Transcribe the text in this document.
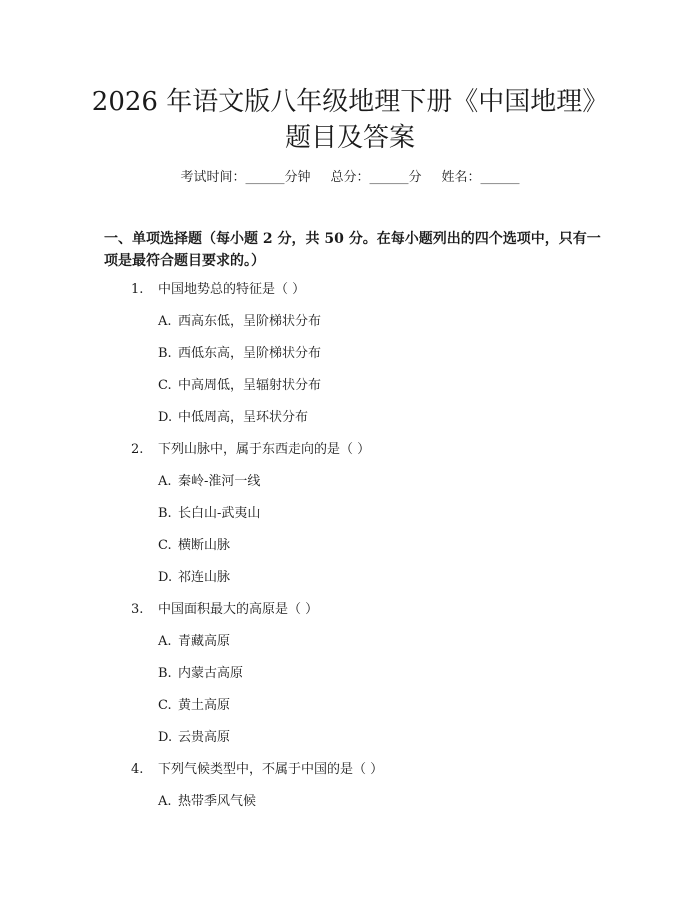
2026 年语文版八年级地理下册《中国地理》
题目及答案
考试时间：______分钟 总分：______分 姓名：______
一、单项选择题（每小题 2 分，共 50 分。在每小题列出的四个选项中，只有一项是最符合题目要求的。）
1. 中国地势总的特征是（ ）
A. 西高东低，呈阶梯状分布
B. 西低东高，呈阶梯状分布
C. 中高周低，呈辐射状分布
D. 中低周高，呈环状分布
2. 下列山脉中，属于东西走向的是（ ）
A. 秦岭-淮河一线
B. 长白山-武夷山
C. 横断山脉
D. 祁连山脉
3. 中国面积最大的高原是（ ）
A. 青藏高原
B. 内蒙古高原
C. 黄土高原
D. 云贵高原
4. 下列气候类型中，不属于中国的是（ ）
A. 热带季风气候
